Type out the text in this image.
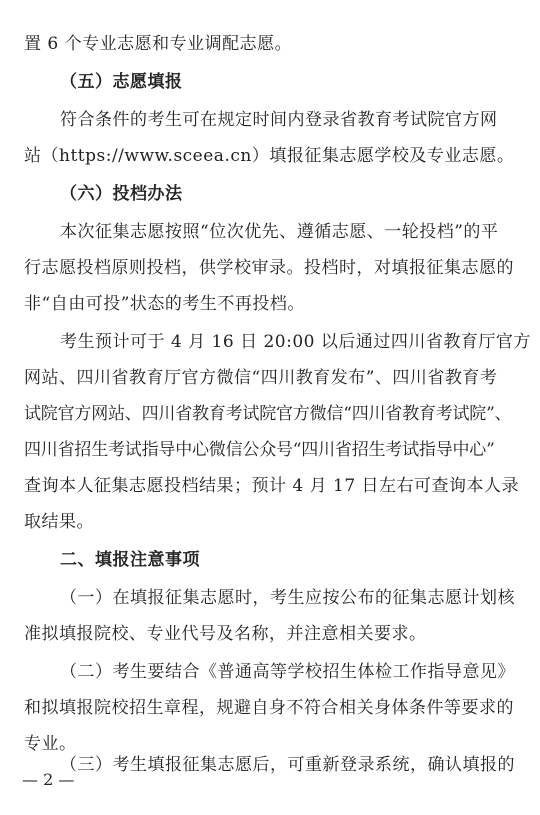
置 6 个专业志愿和专业调配志愿。
（五）志愿填报
符合条件的考生可在规定时间内登录省教育考试院官方网
站（https://www.sceea.cn）填报征集志愿学校及专业志愿。
（六）投档办法
本次征集志愿按照“位次优先、遵循志愿、一轮投档”的平
行志愿投档原则投档，供学校审录。投档时，对填报征集志愿的
非“自由可投”状态的考生不再投档。
考生预计可于 4 月 16 日 20:00 以后通过四川省教育厅官方
网站、四川省教育厅官方微信“四川教育发布”、四川省教育考
试院官方网站、四川省教育考试院官方微信“四川省教育考试院”、
四川省招生考试指导中心微信公众号“四川省招生考试指导中心”
查询本人征集志愿投档结果；预计 4 月 17 日左右可查询本人录
取结果。
二、填报注意事项
（一）在填报征集志愿时，考生应按公布的征集志愿计划核
准拟填报院校、专业代号及名称，并注意相关要求。
（二）考生要结合《普通高等学校招生体检工作指导意见》
和拟填报院校招生章程，规避自身不符合相关身体条件等要求的
专业。
（三）考生填报征集志愿后，可重新登录系统，确认填报的
— 2 —
